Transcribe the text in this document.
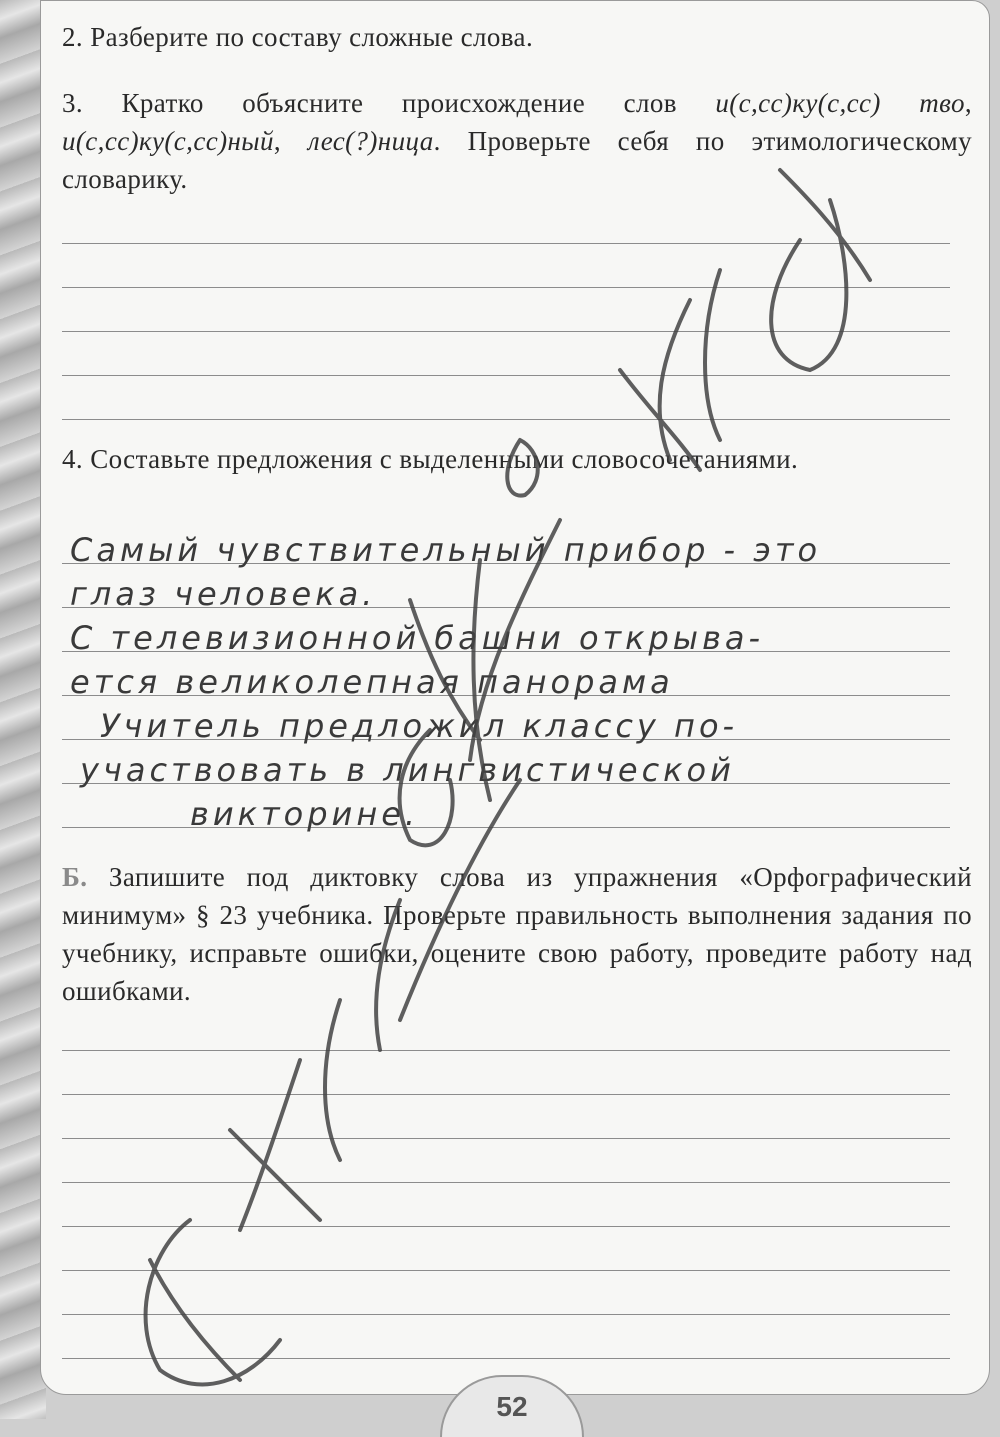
2. Разберите по составу сложные слова.

3. Кратко объясните происхождение слов и(с,сс)ку(с,сс) тво, и(с,сс)ку(с,сс)ный, лес(?)ница. Проверьте себя по этимологическому словарику.

4. Составьте предложения с выделенными словосочетаниями.

Самый чувствительный прибор - это
глаз человека.
С телевизионной башни открыва-
ется великолепная панорама
Учитель предложил классу по-
участвовать в лингвистической
викторине.

Б. Запишите под диктовку слова из упражнения «Орфографический минимум» § 23 учебника. Проверьте правильность выполнения задания по учебнику, исправьте ошибки, оцените свою работу, проведите работу над ошибками.

52
